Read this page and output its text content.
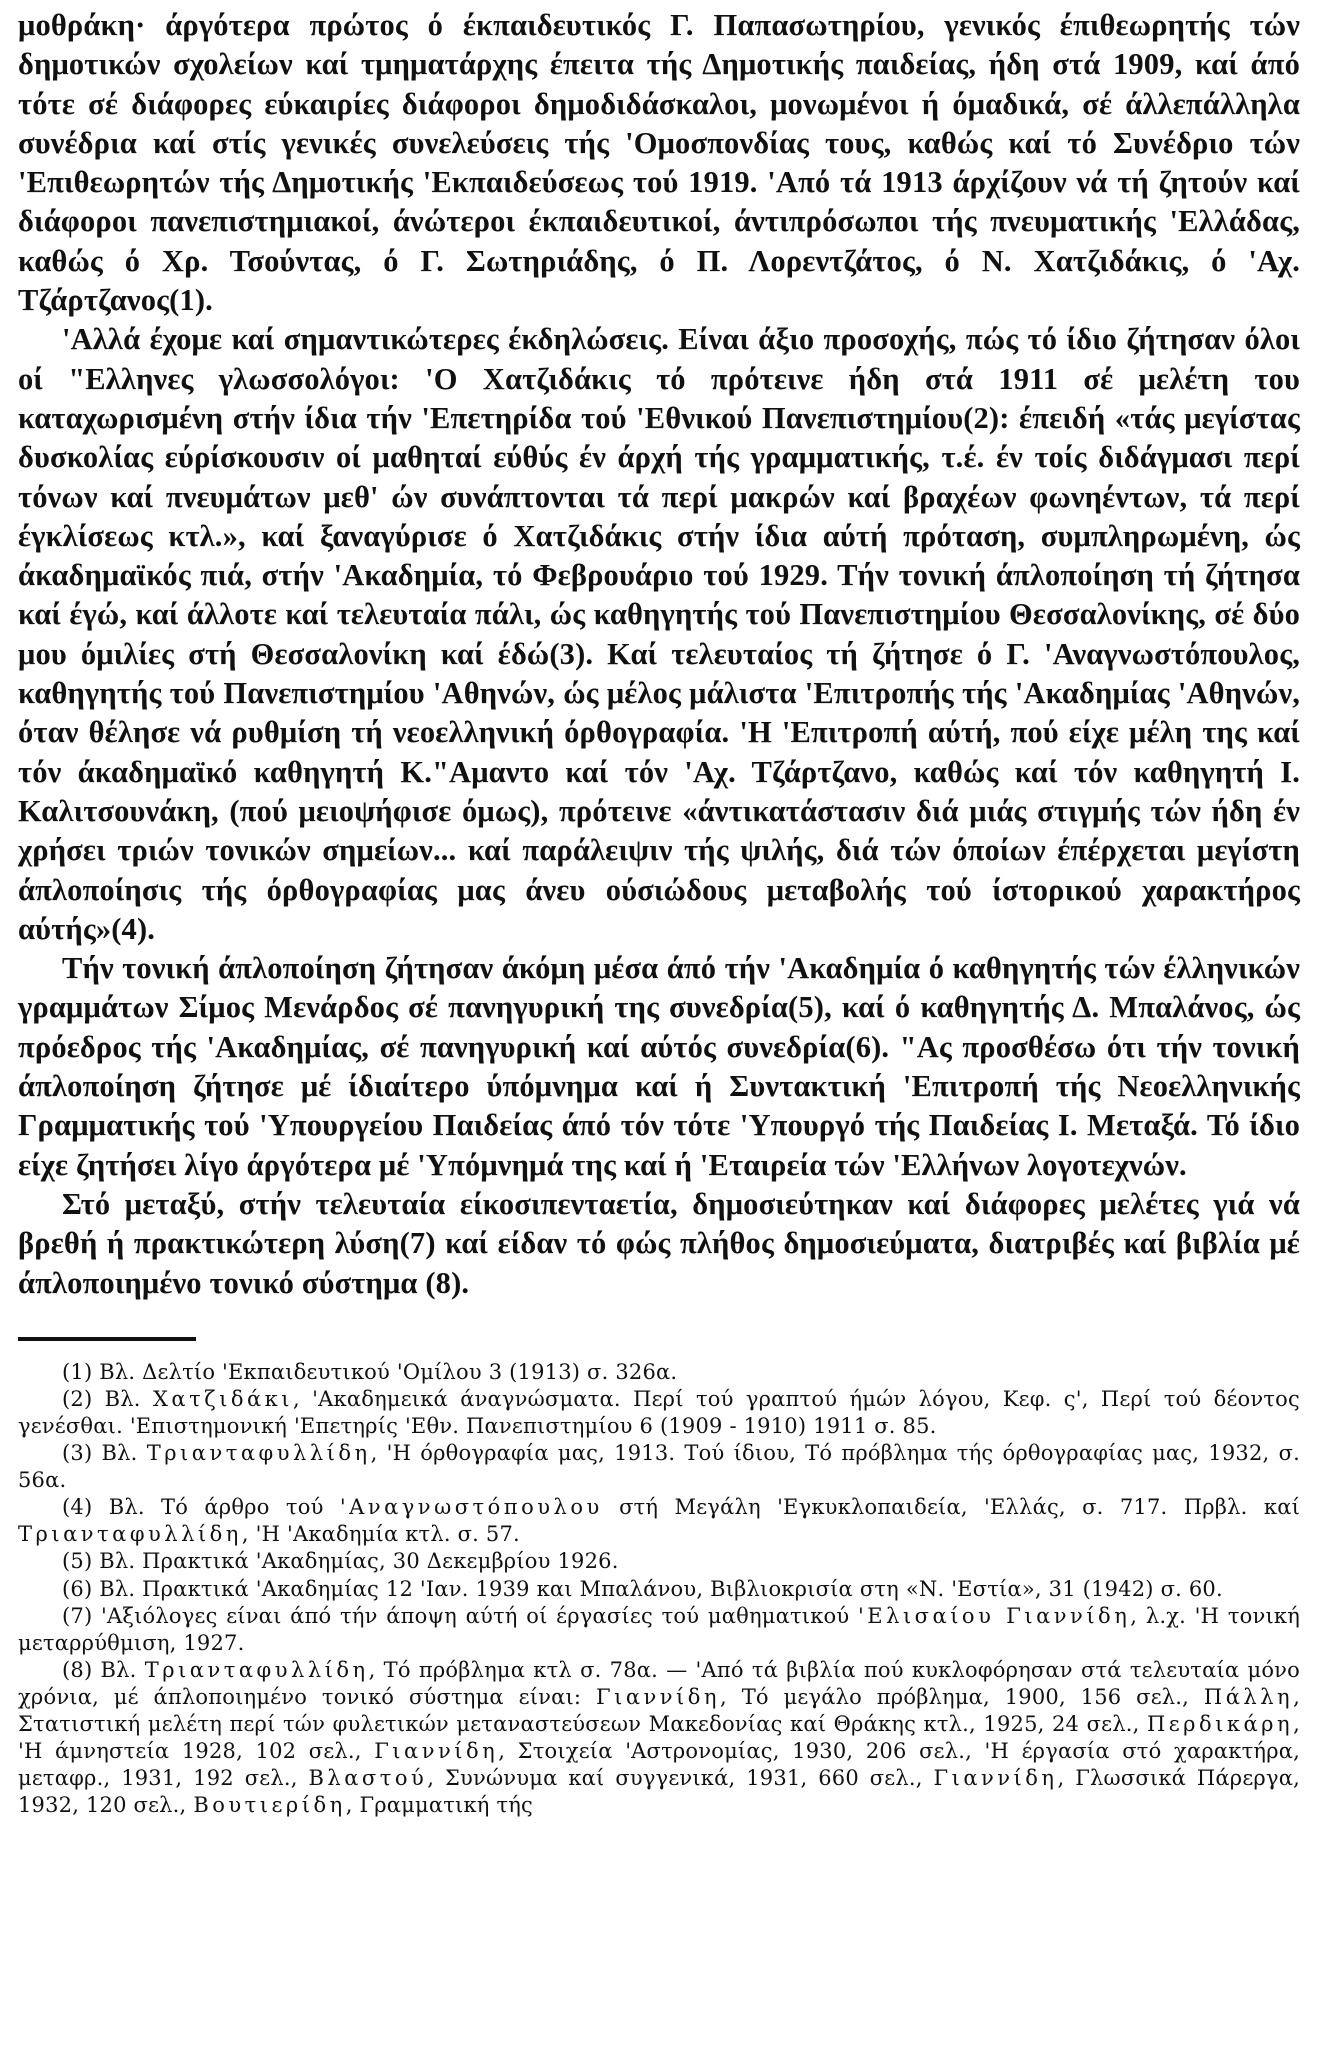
μοθράκη· άργότερα πρώτος ό έκπαιδευτικός Γ. Παπασωτηρίου, γενικός έπιθεωρητής τών δημοτικών σχολείων καί τμηματάρχης έπειτα τής Δημοτικής παιδείας, ήδη στά 1909, καί άπό τότε σέ διάφορες εύκαιρίες διάφοροι δημοδιδάσκαλοι, μονωμένοι ή όμαδικά, σέ άλλεπάλληλα συνέδρια καί στίς γενικές συνελεύσεις τής 'Ομοσπονδίας τους, καθώς καί τό Συνέδριο τών 'Επιθεωρητών τής Δημοτικής 'Εκπαιδεύσεως τού 1919. 'Από τά 1913 άρχίζουν νά τή ζητούν καί διάφοροι πανεπιστημιακοί, άνώτεροι έκπαιδευτικοί, άντιπρόσωποι τής πνευματικής 'Ελλάδας, καθώς ό Χρ. Τσούντας, ό Γ. Σωτηριάδης, ό Π. Λορεντζάτος, ό Ν. Χατζιδάκις, ό 'Αχ. Τζάρτζανος(1).

'Αλλά έχομε καί σημαντικώτερες έκδηλώσεις. Είναι άξιο προσοχής, πώς τό ίδιο ζήτησαν όλοι οί "Ελληνες γλωσσολόγοι: 'Ο Χατζιδάκις τό πρότεινε ήδη στά 1911 σέ μελέτη του καταχωρισμένη στήν ίδια τήν 'Επετηρίδα τού 'Εθνικού Πανεπιστημίου(2): έπειδή «τάς μεγίστας δυσκολίας εύρίσκουσιν οί μαθηταί εύθύς έν άρχή τής γραμματικής, τ.έ. έν τοίς διδάγμασι περί τόνων καί πνευμάτων μεθ' ών συνάπτονται τά περί μακρών καί βραχέων φωνηέντων, τά περί έγκλίσεως κτλ.», καί ξαναγύρισε ό Χατζιδάκις στήν ίδια αύτή πρόταση, συμπληρωμένη, ώς άκαδημαϊκός πιά, στήν 'Ακαδημία, τό Φεβρουάριο τού 1929. Τήν τονική άπλοποίηση τή ζήτησα καί έγώ, καί άλλοτε καί τελευταία πάλι, ώς καθηγητής τού Πανεπιστημίου Θεσσαλονίκης, σέ δύο μου όμιλίες στή Θεσσαλονίκη καί έδώ(3). Καί τελευταίος τή ζήτησε ό Γ. 'Αναγνωστόπουλος, καθηγητής τού Πανεπιστημίου 'Αθηνών, ώς μέλος μάλιστα 'Επιτροπής τής 'Ακαδημίας 'Αθηνών, όταν θέλησε νά ρυθμίση τή νεοελληνική όρθογραφία. 'Η 'Επιτροπή αύτή, πού είχε μέλη της καί τόν άκαδημαϊκό καθηγητή Κ."Αμαντο καί τόν 'Αχ. Τζάρτζανο, καθώς καί τόν καθηγητή Ι. Καλιτσουνάκη, (πού μειοψήφισε όμως), πρότεινε «άντικατάστασιν διά μιάς στιγμής τών ήδη έν χρήσει τριών τονικών σημείων... καί παράλειψιν τής ψιλής, διά τών όποίων έπέρχεται μεγίστη άπλοποίησις τής όρθογραφίας μας άνευ ούσιώδους μεταβολής τού ίστορικού χαρακτήρος αύτής»(4).

Τήν τονική άπλοποίηση ζήτησαν άκόμη μέσα άπό τήν 'Ακαδημία ό καθηγητής τών έλληνικών γραμμάτων Σίμος Μενάρδος σέ πανηγυρική της συνεδρία(5), καί ό καθηγητής Δ. Μπαλάνος, ώς πρόεδρος τής 'Ακαδημίας, σέ πανηγυρική καί αύτός συνεδρία(6). "Ας προσθέσω ότι τήν τονική άπλοποίηση ζήτησε μέ ίδιαίτερο ύπόμνημα καί ή Συντακτική 'Επιτροπή τής Νεοελληνικής Γραμματικής τού 'Υπουργείου Παιδείας άπό τόν τότε 'Υπουργό τής Παιδείας Ι. Μεταξά. Τό ίδιο είχε ζητήσει λίγο άργότερα μέ 'Υπόμνημά της καί ή 'Εταιρεία τών 'Ελλήνων λογοτεχνών.

Στό μεταξύ, στήν τελευταία είκοσιπενταετία, δημοσιεύτηκαν καί διάφορες μελέτες γιά νά βρεθή ή πρακτικώτερη λύση(7) καί είδαν τό φώς πλήθος δημοσιεύματα, διατριβές καί βιβλία μέ άπλοποιημένο τονικό σύστημα (8).

(1) Βλ. Δελτίο 'Εκπαιδευτικού 'Ομίλου 3 (1913) σ. 326α.

(2) Βλ. Χατζιδάκι, 'Ακαδημεικά άναγνώσματα. Περί τού γραπτού ήμών λόγου, Κεφ. ς', Περί τού δέοντος γενέσθαι. 'Επιστημονική 'Επετηρίς 'Εθν. Πανεπιστημίου 6 (1909 - 1910) 1911 σ. 85.

(3) Βλ. Τριανταφυλλίδη, 'Η όρθογραφία μας, 1913. Τού ίδιου, Τό πρόβλημα τής όρθογραφίας μας, 1932, σ. 56α.

(4) Βλ. Τό άρθρο τού 'Αναγνωστόπουλου στή Μεγάλη 'Εγκυκλοπαιδεία, 'Ελλάς, σ. 717. Πρβλ. καί Τριανταφυλλίδη, 'Η 'Ακαδημία κτλ. σ. 57.

(5) Βλ. Πρακτικά 'Ακαδημίας, 30 Δεκεμβρίου 1926.

(6) Βλ. Πρακτικά 'Ακαδημίας 12 'Ιαν. 1939 και Μπαλάνου, Βιβλιοκρισία στη «Ν. 'Εστία», 31 (1942) σ. 60.

(7) 'Αξιόλογες είναι άπό τήν άποψη αύτή οί έργασίες τού μαθηματικού 'Ελισαίου Γιαννίδη, λ.χ. 'Η τονική μεταρρύθμιση, 1927.

(8) Βλ. Τριανταφυλλίδη, Τό πρόβλημα κτλ σ. 78α. — 'Από τά βιβλία πού κυκλοφόρησαν στά τελευταία μόνο χρόνια, μέ άπλοποιημένο τονικό σύστημα είναι: Γιαννίδη, Τό μεγάλο πρόβλημα, 1900, 156 σελ., Πάλλη, Στατιστική μελέτη περί τών φυλετικών μεταναστεύσεων Μακεδονίας καί Θράκης κτλ., 1925, 24 σελ., Περδικάρη, 'Η άμνηστεία 1928, 102 σελ., Γιαννίδη, Στοιχεία 'Αστρονομίας, 1930, 206 σελ., 'Η έργασία στό χαρακτήρα, μεταφρ., 1931, 192 σελ., Βλαστού, Συνώνυμα καί συγγενικά, 1931, 660 σελ., Γιαννίδη, Γλωσσικά Πάρεργα, 1932, 120 σελ., Βουτιερίδη, Γραμματική τής
